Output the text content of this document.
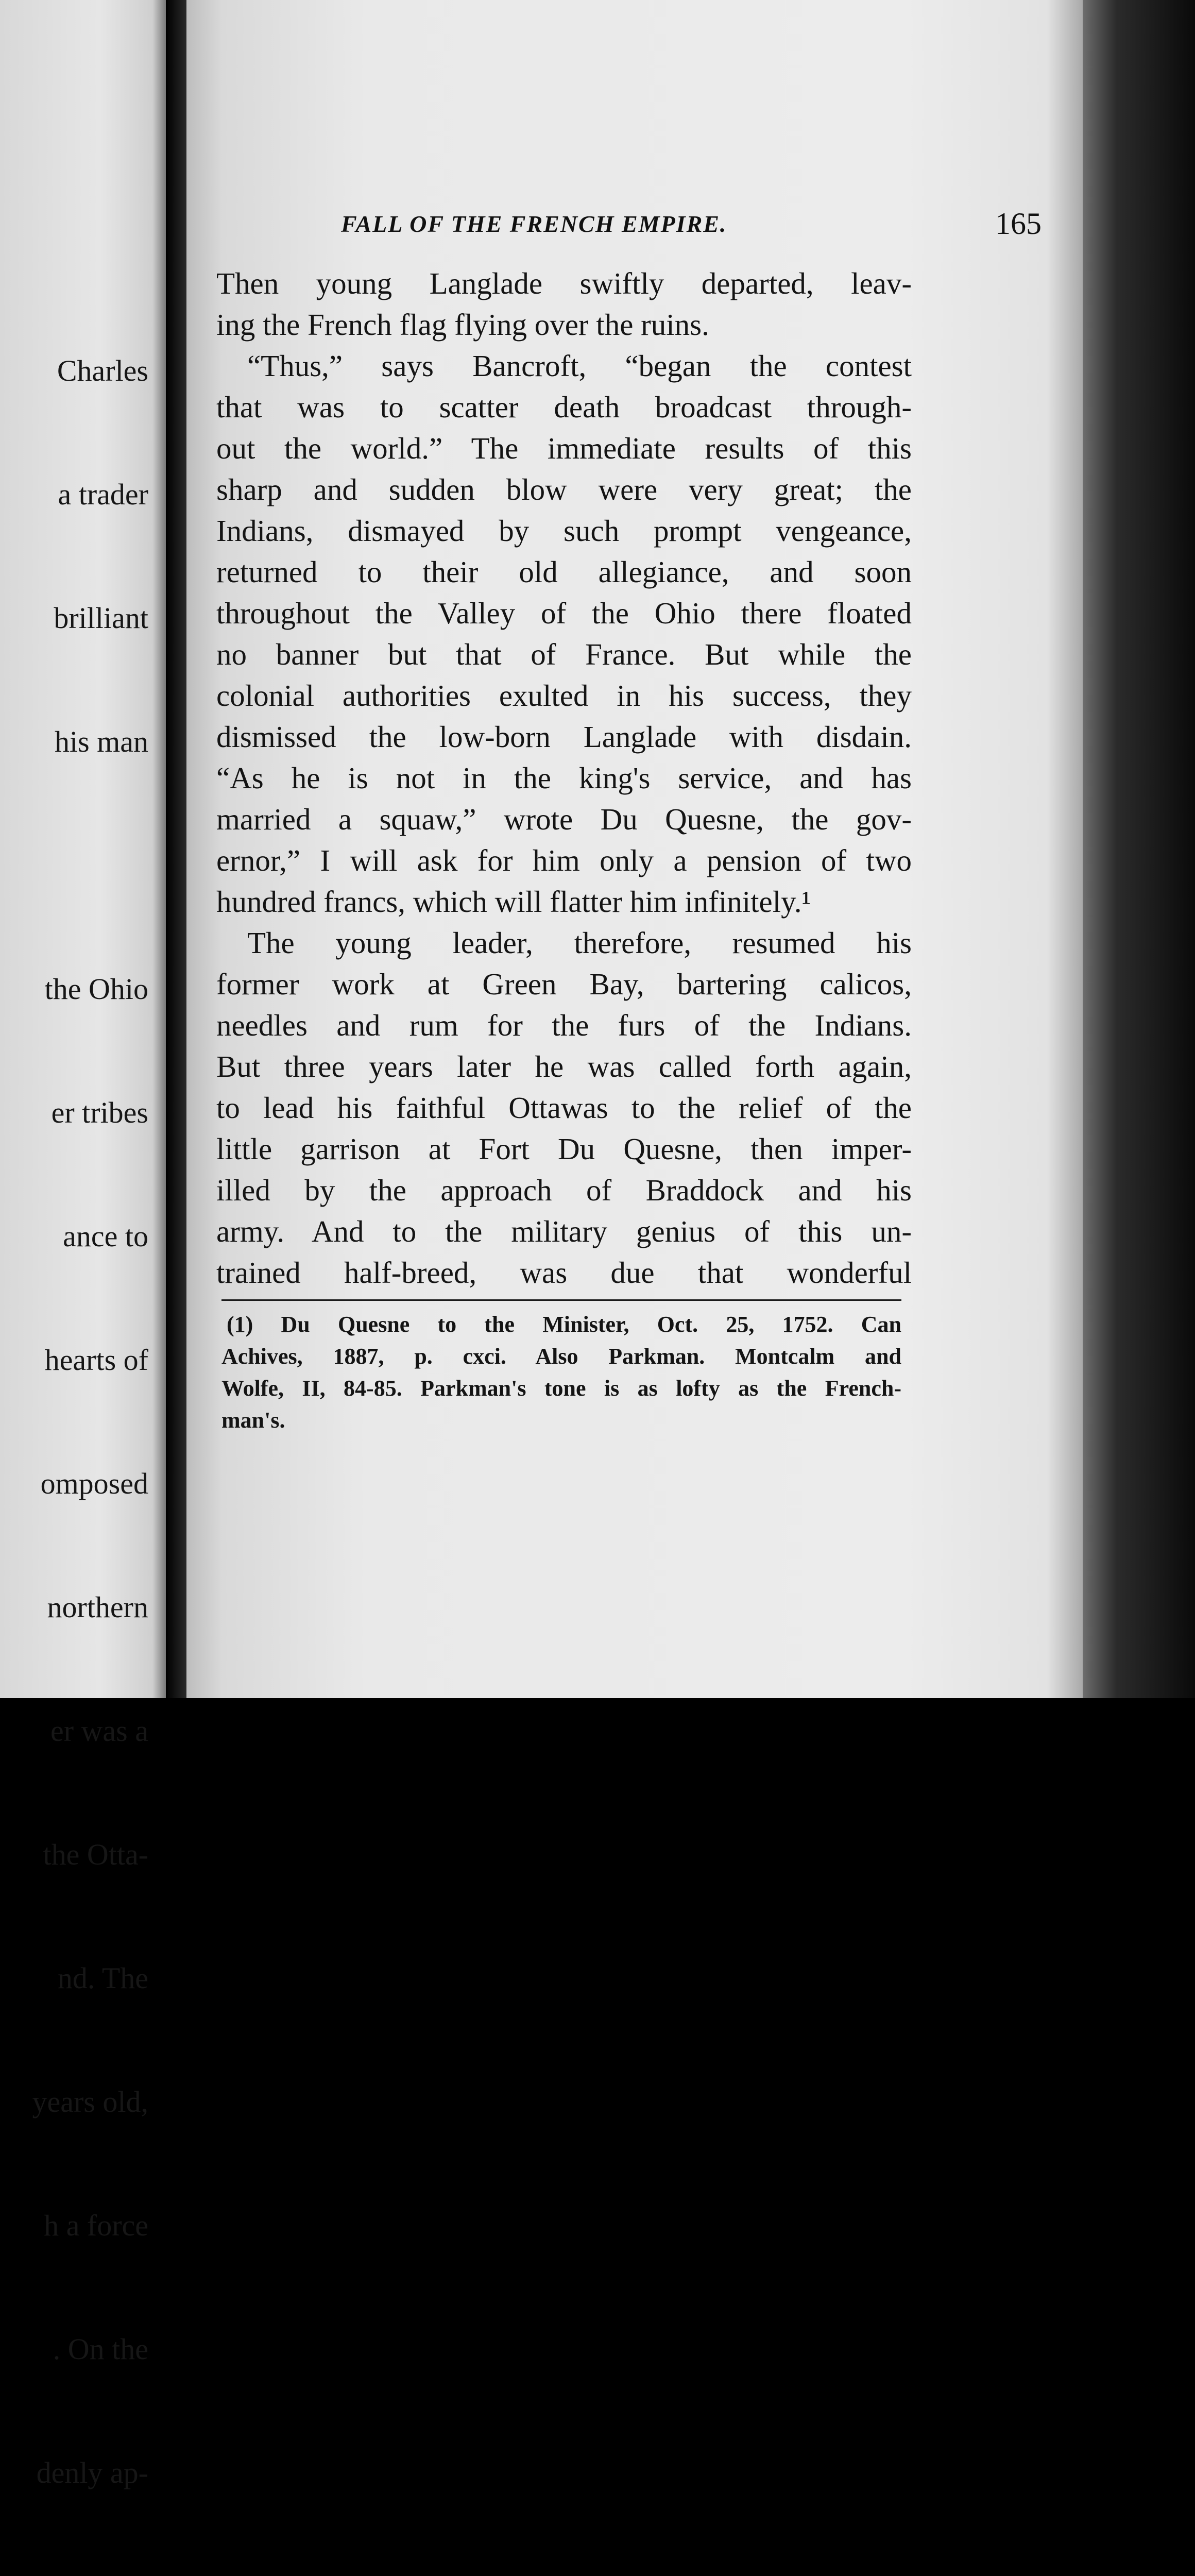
Charles

a trader

brilliant

his man

the Ohio

er tribes

ance to

hearts of

omposed

northern

er was a

the Otta-

nd. The

years old,

h a force

. On the

denly ap-

FALL OF THE FRENCH EMPIRE.	165
Then young Langlade swiftly departed, leav-
ing the French flag flying over the ruins.
“Thus,” says Bancroft, “began the contest
that was to scatter death broadcast through-
out the world.” The immediate results of this
sharp and sudden blow were very great; the
Indians, dismayed by such prompt vengeance,
returned to their old allegiance, and soon
throughout the Valley of the Ohio there floated
no banner but that of France. But while the
colonial authorities exulted in his success, they
dismissed the low-born Langlade with disdain.
“As he is not in the king's service, and has
married a squaw,” wrote Du Quesne, the gov-
ernor,” I will ask for him only a pension of two
hundred francs, which will flatter him infinitely.¹
The young leader, therefore, resumed his
former work at Green Bay, bartering calicos,
needles and rum for the furs of the Indians.
But three years later he was called forth again,
to lead his faithful Ottawas to the relief of the
little garrison at Fort Du Quesne, then imper-
illed by the approach of Braddock and his
army. And to the military genius of this un-
trained half-breed, was due that wonderful
(1) Du Quesne to the Minister, Oct. 25, 1752. Can
Achives, 1887, p. cxci. Also Parkman. Montcalm and
Wolfe, II, 84-85. Parkman's tone is as lofty as the French-
man's.
